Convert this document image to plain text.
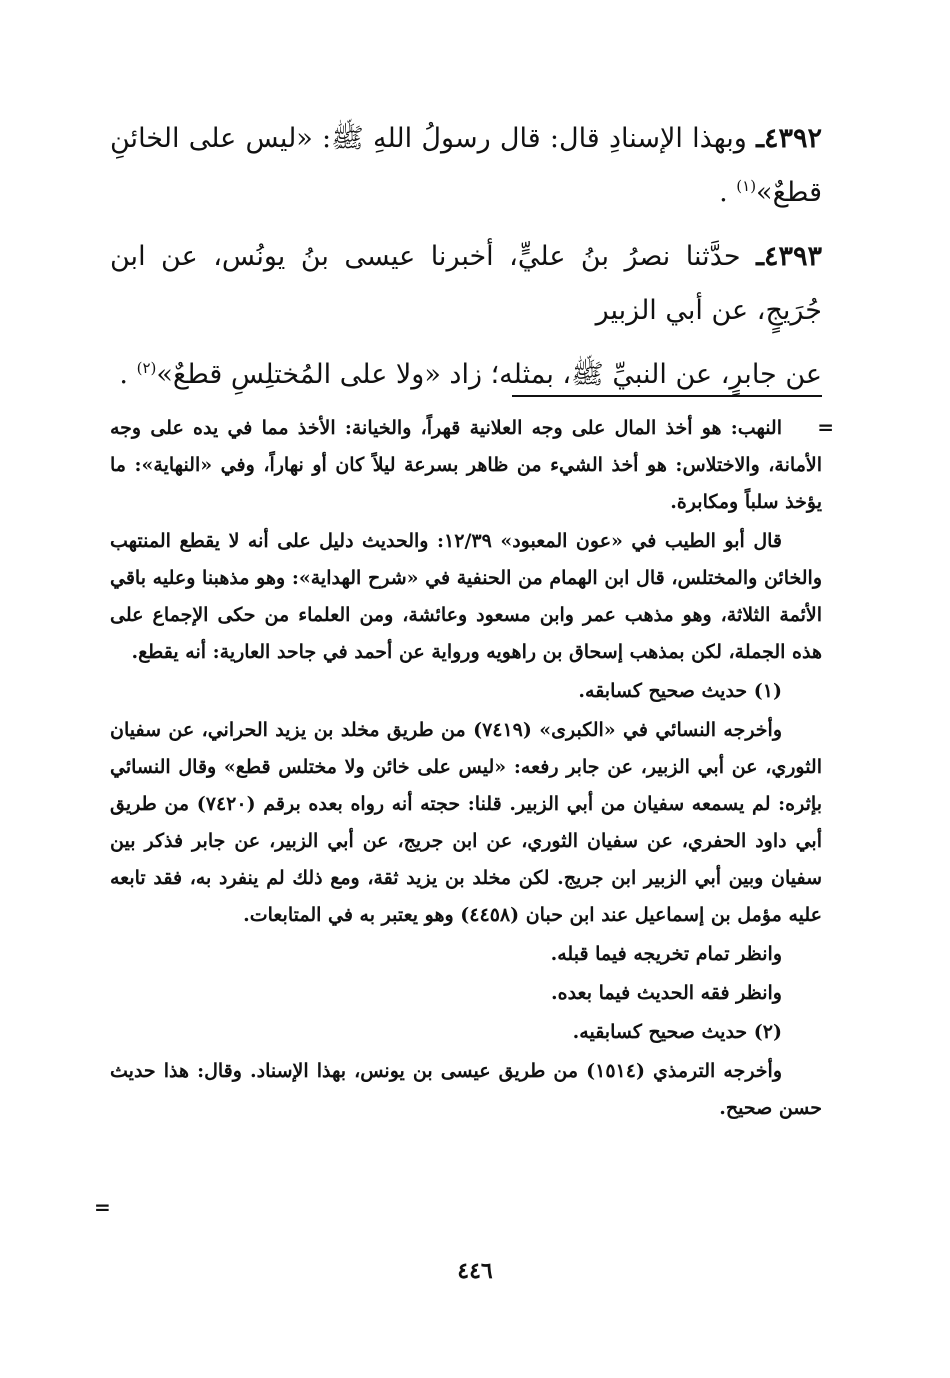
٤٣٩٢ـ وبهذا الإسنادِ قال: قال رسولُ اللهِ ﷺ: «ليس على الخائنِ قطعٌ»$^{(١)}$ .

٤٣٩٣ـ حدَّثنا نصرُ بنُ عليٍّ، أخبرنا عيسى بنُ يونُس، عن ابن جُرَيجٍ، عن أبي الزبير

عن جابرٍ، عن النبيِّ ﷺ، بمثله؛ زاد «ولا على المُختلِسِ قطعٌ»$^{(٢)}$ .

=

النهب: هو أخذ المال على وجه العلانية قهراً، والخيانة: الأخذ مما في يده على وجه الأمانة، والاختلاس: هو أخذ الشيء من ظاهر بسرعة ليلاً كان أو نهاراً، وفي «النهاية»: ما يؤخذ سلباً ومكابرة.

قال أبو الطيب في «عون المعبود» ١٢/٣٩: والحديث دليل على أنه لا يقطع المنتهب والخائن والمختلس، قال ابن الهمام من الحنفية في «شرح الهداية»: وهو مذهبنا وعليه باقي الأئمة الثلاثة، وهو مذهب عمر وابن مسعود وعائشة، ومن العلماء من حكى الإجماع على هذه الجملة، لكن بمذهب إسحاق بن راهويه ورواية عن أحمد في جاحد العارية: أنه يقطع.

(١) حديث صحيح كسابقه.

وأخرجه النسائي في «الكبرى» (٧٤١٩) من طريق مخلد بن يزيد الحراني، عن سفيان الثوري، عن أبي الزبير، عن جابر رفعه: «ليس على خائن ولا مختلس قطع» وقال النسائي بإثره: لم يسمعه سفيان من أبي الزبير. قلنا: حجته أنه رواه بعده برقم (٧٤٢٠) من طريق أبي داود الحفري، عن سفيان الثوري، عن ابن جريج، عن أبي الزبير، عن جابر فذكر بين سفيان وبين أبي الزبير ابن جريج. لكن مخلد بن يزيد ثقة، ومع ذلك لم ينفرد به، فقد تابعه عليه مؤمل بن إسماعيل عند ابن حبان (٤٤٥٨) وهو يعتبر به في المتابعات.

وانظر تمام تخريجه فيما قبله.

وانظر فقه الحديث فيما بعده.

(٢) حديث صحيح كسابقيه.

وأخرجه الترمذي (١٥١٤) من طريق عيسى بن يونس، بهذا الإسناد. وقال: هذا حديث حسن صحيح.

=
٤٤٦
